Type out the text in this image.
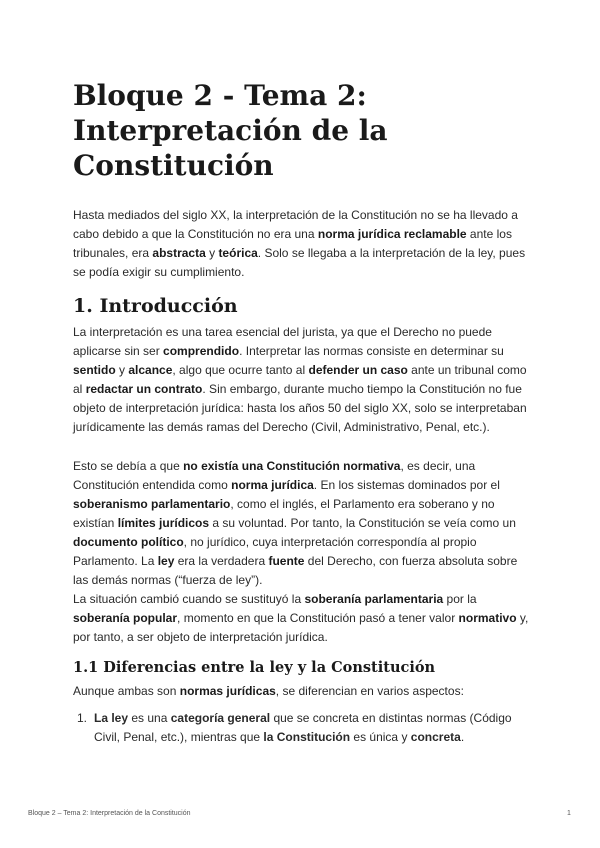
Bloque 2 - Tema 2:
Interpretación de la
Constitución

Hasta mediados del siglo XX, la interpretación de la Constitución no se ha llevado a cabo debido a que la Constitución no era una norma jurídica reclamable ante los tribunales, era abstracta y teórica. Solo se llegaba a la interpretación de la ley, pues se podía exigir su cumplimiento.

1. Introducción

La interpretación es una tarea esencial del jurista, ya que el Derecho no puede aplicarse sin ser comprendido. Interpretar las normas consiste en determinar su sentido y alcance, algo que ocurre tanto al defender un caso ante un tribunal como al redactar un contrato. Sin embargo, durante mucho tiempo la Constitución no fue objeto de interpretación jurídica: hasta los años 50 del siglo XX, solo se interpretaban jurídicamente las demás ramas del Derecho (Civil, Administrativo, Penal, etc.).

Esto se debía a que no existía una Constitución normativa, es decir, una Constitución entendida como norma jurídica. En los sistemas dominados por el soberanismo parlamentario, como el inglés, el Parlamento era soberano y no existían límites jurídicos a su voluntad. Por tanto, la Constitución se veía como un documento político, no jurídico, cuya interpretación correspondía al propio Parlamento. La ley era la verdadera fuente del Derecho, con fuerza absoluta sobre las demás normas (“fuerza de ley”).

La situación cambió cuando se sustituyó la soberanía parlamentaria por la soberanía popular, momento en que la Constitución pasó a tener valor normativo y, por tanto, a ser objeto de interpretación jurídica.

1.1 Diferencias entre la ley y la Constitución

Aunque ambas son normas jurídicas, se diferencian en varios aspectos:

1. La ley es una categoría general que se concreta en distintas normas (Código Civil, Penal, etc.), mientras que la Constitución es única y concreta.
Bloque 2 – Tema 2: Interpretación de la Constitución	1
